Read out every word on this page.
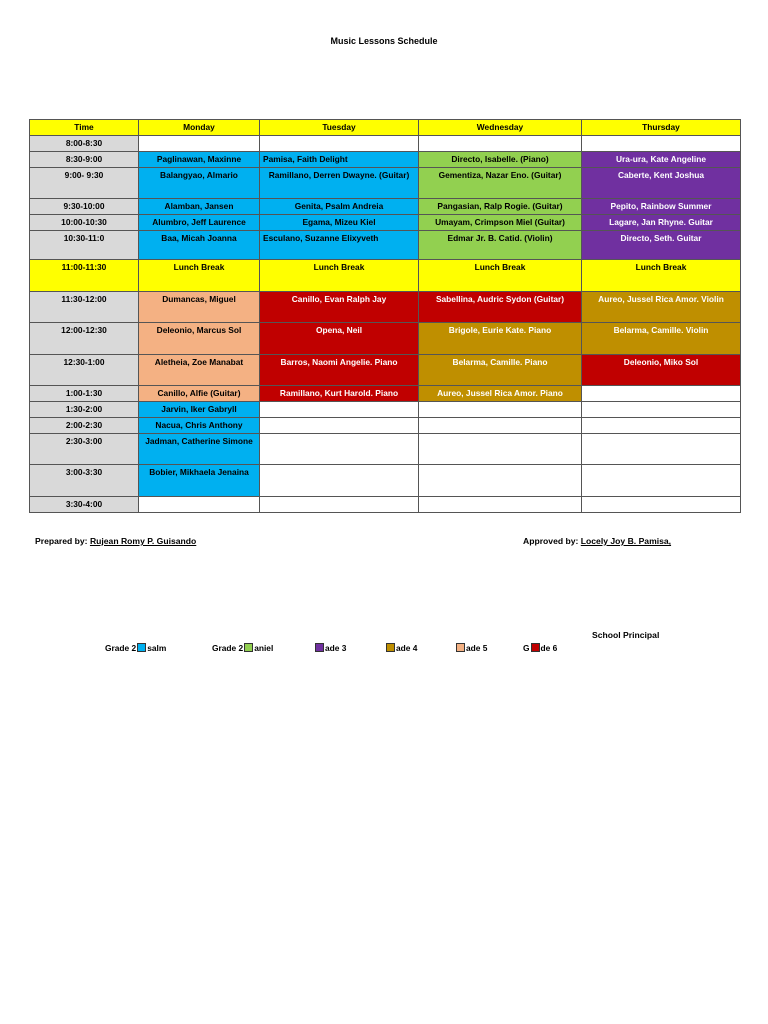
Music Lessons Schedule
Time	Monday	Tuesday	Wednesday	Thursday
8:00-8:30				
8:30-9:00	Paglinawan, Maxinne	Pamisa, Faith Delight	Directo, Isabelle. (Piano)	Ura-ura, Kate Angeline
9:00- 9:30	Balangyao, Almario	Ramillano, Derren Dwayne. (Guitar)	Gementiza, Nazar Eno. (Guitar)	Caberte, Kent Joshua
9:30-10:00	Alamban, Jansen	Genita, Psalm Andreia	Pangasian, Ralp Rogie. (Guitar)	Pepito, Rainbow Summer
10:00-10:30	Alumbro, Jeff Laurence	Egama, Mizeu Kiel	Umayam, Crimpson Miel (Guitar)	Lagare, Jan Rhyne. Guitar
10:30-11:0	Baa, Micah Joanna	Esculano, Suzanne Elixyveth	Edmar Jr. B. Catid. (Violin)	Directo, Seth. Guitar
11:00-11:30	Lunch Break	Lunch Break	Lunch Break	Lunch Break
11:30-12:00	Dumancas, Miguel	Canillo, Evan Ralph Jay	Sabellina, Audric Sydon (Guitar)	Aureo, Jussel Rica Amor. Violin
12:00-12:30	Deleonio, Marcus Sol	Opena, Neil	Brigole, Eurie Kate. Piano	Belarma, Camille. Violin
12:30-1:00	Aletheia, Zoe Manabat	Barros, Naomi Angelie. Piano	Belarma, Camille. Piano	Deleonio, Miko Sol
1:00-1:30	Canillo, Alfie (Guitar)	Ramillano, Kurt Harold. Piano	Aureo, Jussel Rica Amor. Piano	
1:30-2:00	Jarvin, Iker Gabryll			
2:00-2:30	Nacua, Chris Anthony			
2:30-3:00	Jadman, Catherine Simone			
3:00-3:30	Bobier, Mikhaela Jenaina			
3:30-4:00				
Prepared by: Rujean Romy P. Guisando	Approved by: Locely Joy B. Pamisa,
School Principal
Grade 2 salm	Grade 2 aniel	ade 3	ade 4	ade 5	G de 6
